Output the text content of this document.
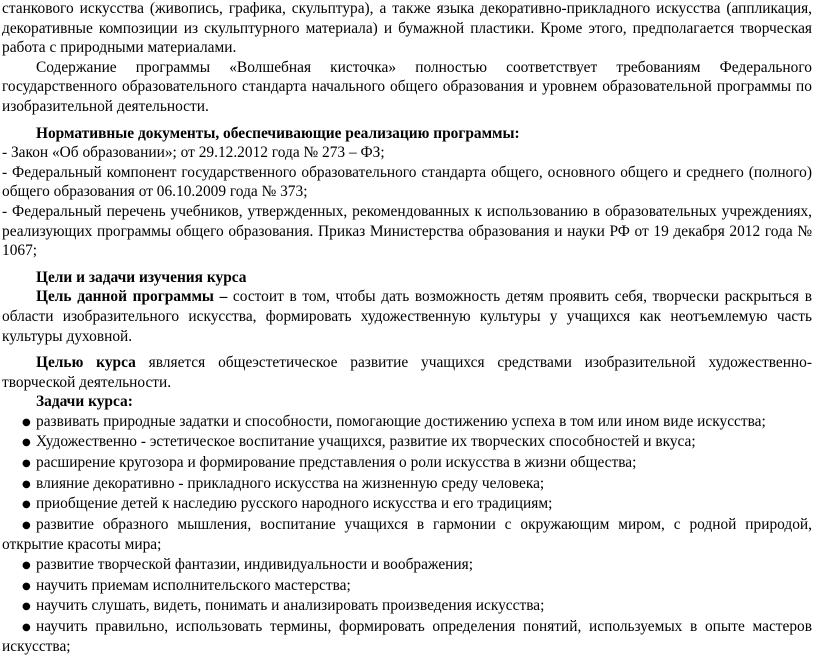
станкового искусства (живопись, графика, скульптура), а также языка декоративно-прикладного искусства (аппликация, декоративные композиции из скульптурного материала) и бумажной пластики. Кроме этого, предполагается творческая работа с природными материалами.

Содержание программы «Волшебная кисточка» полностью соответствует требованиям Федерального государственного образовательного стандарта начального общего образования и уровнем образовательной программы по изобразительной деятельности.

Нормативные документы, обеспечивающие реализацию программы:

- Закон «Об образовании»; от 29.12.2012 года № 273 – ФЗ;

- Федеральный компонент государственного образовательного стандарта общего, основного общего и среднего (полного) общего образования от 06.10.2009 года № 373;

- Федеральный перечень учебников, утвержденных, рекомендованных к использованию в образовательных учреждениях, реализующих программы общего образования. Приказ Министерства образования и науки РФ от 19 декабря 2012 года № 1067;

Цели и задачи изучения курса

Цель данной программы – состоит в том, чтобы дать возможность детям проявить себя, творчески раскрыться в области изобразительного искусства, формировать художественную культуры у учащихся как неотъемлемую часть культуры духовной.

Целью курса является общеэстетическое развитие учащихся средствами изобразительной художественно-творческой деятельности.

Задачи курса:

● развивать природные задатки и способности, помогающие достижению успеха в том или ином виде искусства;
● Художественно - эстетическое воспитание учащихся, развитие их творческих способностей и вкуса;
● расширение кругозора и формирование представления о роли искусства в жизни общества;
● влияние декоративно - прикладного искусства на жизненную среду человека;
● приобщение детей к наследию русского народного искусства и его традициям;
● развитие образного мышления, воспитание учащихся в гармонии с окружающим миром, с родной природой, открытие красоты мира;
● развитие творческой фантазии, индивидуальности и воображения;
● научить приемам исполнительского мастерства;
● научить слушать, видеть, понимать и анализировать произведения искусства;
● научить правильно, использовать термины, формировать определения понятий, используемых в опыте мастеров искусства;
